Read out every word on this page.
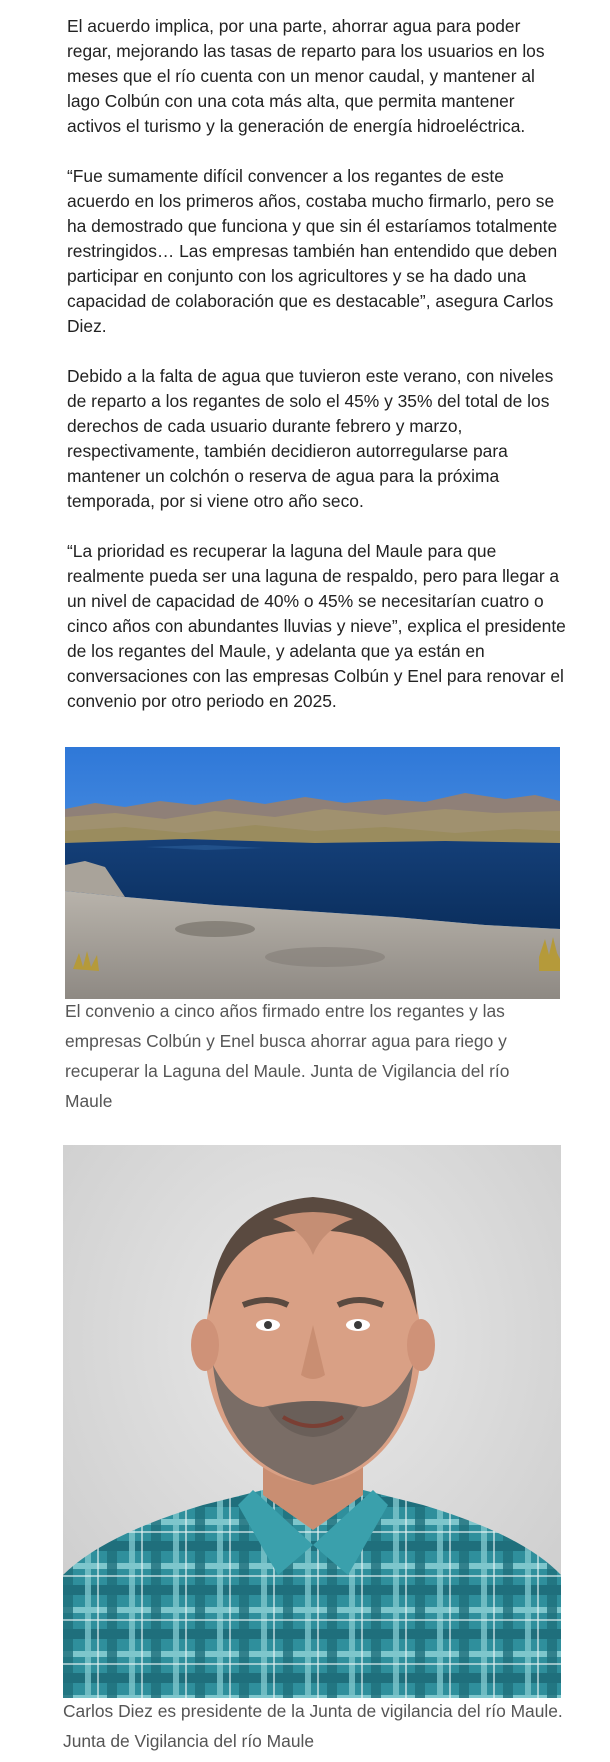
El acuerdo implica, por una parte, ahorrar agua para poder regar, mejorando las tasas de reparto para los usuarios en los meses que el río cuenta con un menor caudal, y mantener al lago Colbún con una cota más alta, que permita mantener activos el turismo y la generación de energía hidroeléctrica.

“Fue sumamente difícil convencer a los regantes de este acuerdo en los primeros años, costaba mucho firmarlo, pero se ha demostrado que funciona y que sin él estaríamos totalmente restringidos… Las empresas también han entendido que deben participar en conjunto con los agricultores y se ha dado una capacidad de colaboración que es destacable”, asegura Carlos Diez.

Debido a la falta de agua que tuvieron este verano, con niveles de reparto a los regantes de solo el 45% y 35% del total de los derechos de cada usuario durante febrero y marzo, respectivamente, también decidieron autorregularse para mantener un colchón o reserva de agua para la próxima temporada, por si viene otro año seco.

“La prioridad es recuperar la laguna del Maule para que realmente pueda ser una laguna de respaldo, pero para llegar a un nivel de capacidad de 40% o 45% se necesitarían cuatro o cinco años con abundantes lluvias y nieve”, explica el presidente de los regantes del Maule, y adelanta que ya están en conversaciones con las empresas Colbún y Enel para renovar el convenio por otro periodo en 2025.

El convenio a cinco años firmado entre los regantes y las empresas Colbún y Enel busca ahorrar agua para riego y recuperar la Laguna del Maule. Junta de Vigilancia del río Maule

Carlos Diez es presidente de la Junta de vigilancia del río Maule. Junta de Vigilancia del río Maule
